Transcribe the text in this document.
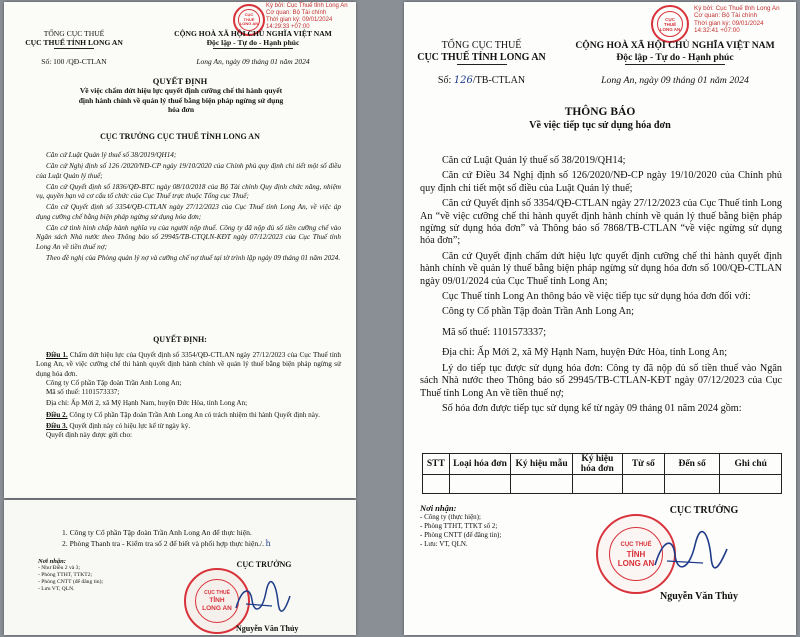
CỤC
THUẾ
LONG AN
Ký bởi: Cục Thuế tỉnh Long An
Cơ quan: Bộ Tài chính
Thời gian ký: 09/01/2024
14:29:33 +07:00
TỔNG CỤC THUẾ
CỤC THUẾ TỈNH LONG AN
CỘNG HOÀ XÃ HỘI CHỦ NGHĨA VIỆT NAM
Độc lập - Tự do - Hạnh phúc
Số: 100 /QĐ-CTLAN	Long An, ngày 09 tháng 01 năm 2024
QUYẾT ĐỊNH
Về việc chấm dứt hiệu lực quyết định cưỡng chế thi hành quyết định hành chính về quản lý thuế bằng biện pháp ngừng sử dụng hóa đơn
CỤC TRƯỞNG CỤC THUẾ TỈNH LONG AN
Căn cứ Luật Quản lý thuế số 38/2019/QH14;
Căn cứ Nghị định số 126 /2020/NĐ-CP ngày 19/10/2020 của Chính phủ quy định chi tiết một số điều của Luật Quản lý thuế;
Căn cứ Quyết định số 1836/QĐ-BTC ngày 08/10/2018 của Bộ Tài chính Quy định chức năng, nhiệm vụ, quyền hạn và cơ cấu tổ chức của Cục Thuế trực thuộc Tổng cục Thuế;
Căn cứ Quyết định số 3354/QĐ-CTLAN ngày 27/12/2023 của Cục Thuế tỉnh Long An, về việc áp dụng cưỡng chế bằng biện pháp ngừng sử dụng hóa đơn;
Căn cứ tình hình chấp hành nghĩa vụ của người nộp thuế. Công ty đã nộp đủ số tiền cưỡng chế vào Ngân sách Nhà nước theo Thông báo số 29945/TB-CTQLN-KĐT ngày 07/12/2023 của Cục Thuế tỉnh Long An về tiền thuế nợ;
Theo đề nghị của Phòng quản lý nợ và cưỡng chế nợ thuế tại tờ trình lập ngày 09 tháng 01 năm 2024.
QUYẾT ĐỊNH:
Điều 1. Chấm dứt hiệu lực của Quyết định số 3354/QĐ-CTLAN ngày 27/12/2023 của Cục Thuế tỉnh Long An, về việc cưỡng chế thi hành quyết định hành chính về quản lý thuế bằng biện pháp ngừng sử dụng hóa đơn.
Công ty Cổ phần Tập đoàn Trần Anh Long An;
Mã số thuế: 1101573337;
Địa chỉ: Ấp Mới 2, xã Mỹ Hạnh Nam, huyện Đức Hòa, tỉnh Long An;
Điều 2. Công ty Cổ phần Tập đoàn Trần Anh Long An có trách nhiệm thi hành Quyết định này.
Điều 3. Quyết định này có hiệu lực kể từ ngày ký.
Quyết định này được gửi cho:
1. Công ty Cổ phần Tập đoàn Trần Anh Long An để thực hiện.
2. Phòng Thanh tra - Kiểm tra số 2 để biết và phối hợp thực hiện./. h
Nơi nhận:
- Như Điều 2 và 3;
- Phòng TTHT, TTKT2;
- Phòng CNTT (để đăng tin);
- Lưu VT, QLN.
CỤC TRƯỞNG
CỤC THUẾ
TỈNH
LONG AN
Nguyễn Văn Thủy
CỤC
THUẾ
LONG AN
Ký bởi: Cục Thuế tỉnh Long An
Cơ quan: Bộ Tài chính
Thời gian ký: 09/01/2024
14:32:41 +07:00
TỔNG CỤC THUẾ
CỤC THUẾ TỈNH LONG AN
CỘNG HOÀ XÃ HỘI CHỦ NGHĨA VIỆT NAM
Độc lập - Tự do - Hạnh phúc
Số: 126/TB-CTLAN	Long An, ngày 09 tháng 01 năm 2024
THÔNG BÁO
Về việc tiếp tục sử dụng hóa đơn
Căn cứ Luật Quản lý thuế số 38/2019/QH14;
Căn cứ Điều 34 Nghị định số 126/2020/NĐ-CP ngày 19/10/2020 của Chính phủ quy định chi tiết một số điều của Luật Quản lý thuế;
Căn cứ Quyết định số 3354/QĐ-CTLAN ngày 27/12/2023 của Cục Thuế tỉnh Long An “về việc cưỡng chế thi hành quyết định hành chính về quản lý thuế bằng biện pháp ngừng sử dụng hóa đơn” và Thông báo số 7868/TB-CTLAN “về việc ngừng sử dụng hóa đơn”;
Căn cứ Quyết định chấm dứt hiệu lực quyết định cưỡng chế thi hành quyết định hành chính về quản lý thuế bằng biện pháp ngừng sử dụng hóa đơn số 100/QĐ-CTLAN ngày 09/01/2024 của Cục Thuế tỉnh Long An;
Cục Thuế tỉnh Long An thông báo về việc tiếp tục sử dụng hóa đơn đối với:
Công ty Cổ phần Tập đoàn Trần Anh Long An;
Mã số thuế: 1101573337;
Địa chỉ: Ấp Mới 2, xã Mỹ Hạnh Nam, huyện Đức Hòa, tỉnh Long An;
Lý do tiếp tục được sử dụng hóa đơn: Công ty đã nộp đủ số tiền thuế vào Ngân sách Nhà nước theo Thông báo số 29945/TB-CTLAN-KĐT ngày 07/12/2023 của Cục Thuế tỉnh Long An về tiền thuế nợ;
Số hóa đơn được tiếp tục sử dụng kể từ ngày 09 tháng 01 năm 2024 gồm:
STT	Loại hóa đơn	Ký hiệu mẫu	Ký hiệu hóa đơn	Từ số	Đến số	Ghi chú

CỤC TRƯỞNG
Nơi nhận:
- Công ty (thực hiện);
- Phòng TTHT, TTKT số 2;
- Phòng CNTT (để đăng tin);
- Lưu: VT, QLN.	CỤC THUẾ
TỈNH
LONG AN
Nguyễn Văn Thủy
